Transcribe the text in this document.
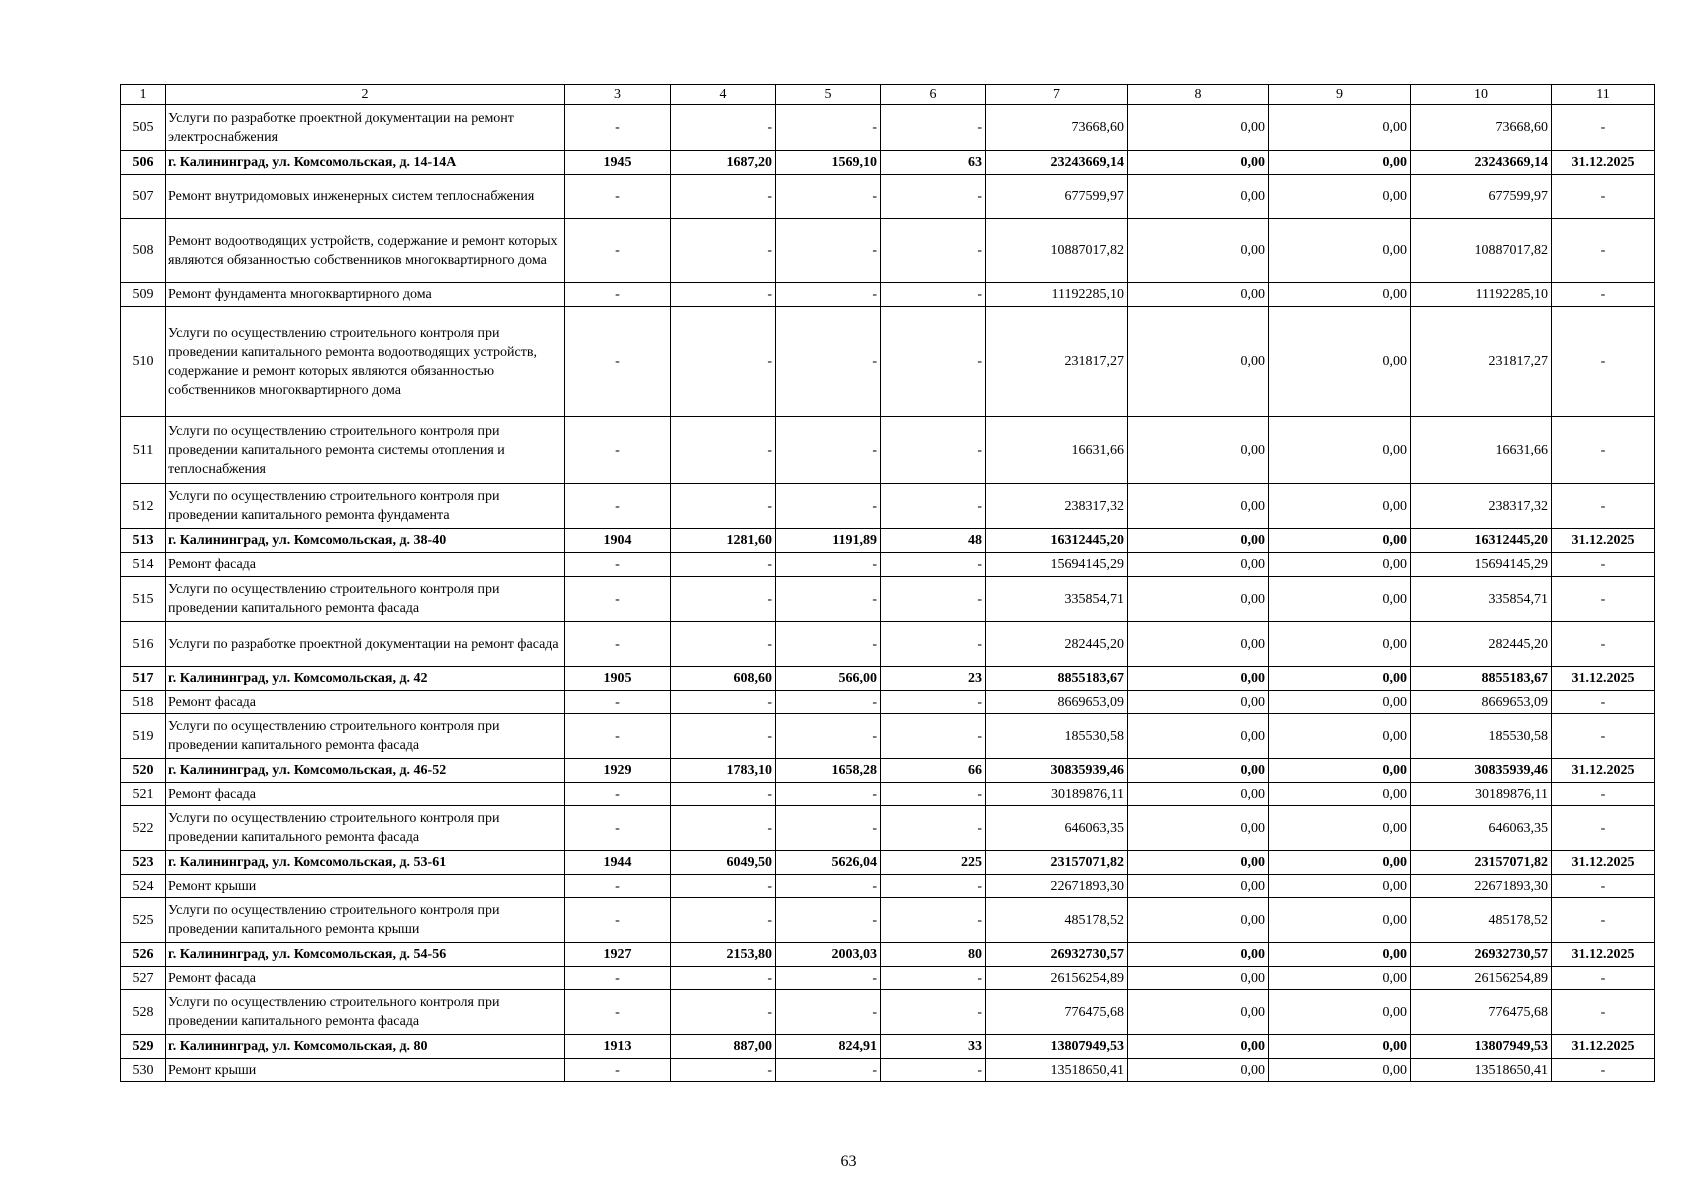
1	2	3	4	5	6	7	8	9	10	11
505	Услуги по разработке проектной документации на ремонт электроснабжения	-	-	-	-	73668,60	0,00	0,00	73668,60	-
506	г. Калининград, ул. Комсомольская, д. 14-14А	1945	1687,20	1569,10	63	23243669,14	0,00	0,00	23243669,14	31.12.2025
507	Ремонт внутридомовых инженерных систем теплоснабжения	-	-	-	-	677599,97	0,00	0,00	677599,97	-
508	Ремонт водоотводящих устройств, содержание и ремонт которых являются обязанностью собственников многоквартирного дома	-	-	-	-	10887017,82	0,00	0,00	10887017,82	-
509	Ремонт фундамента многоквартирного дома	-	-	-	-	11192285,10	0,00	0,00	11192285,10	-
510	Услуги по осуществлению строительного контроля при проведении капитального ремонта водоотводящих устройств, содержание и ремонт которых являются обязанностью собственников многоквартирного дома	-	-	-	-	231817,27	0,00	0,00	231817,27	-
511	Услуги по осуществлению строительного контроля при проведении капитального ремонта системы отопления и теплоснабжения	-	-	-	-	16631,66	0,00	0,00	16631,66	-
512	Услуги по осуществлению строительного контроля при проведении капитального ремонта фундамента	-	-	-	-	238317,32	0,00	0,00	238317,32	-
513	г. Калининград, ул. Комсомольская, д. 38-40	1904	1281,60	1191,89	48	16312445,20	0,00	0,00	16312445,20	31.12.2025
514	Ремонт фасада	-	-	-	-	15694145,29	0,00	0,00	15694145,29	-
515	Услуги по осуществлению строительного контроля при проведении капитального ремонта фасада	-	-	-	-	335854,71	0,00	0,00	335854,71	-
516	Услуги по разработке проектной документации на ремонт фасада	-	-	-	-	282445,20	0,00	0,00	282445,20	-
517	г. Калининград, ул. Комсомольская, д. 42	1905	608,60	566,00	23	8855183,67	0,00	0,00	8855183,67	31.12.2025
518	Ремонт фасада	-	-	-	-	8669653,09	0,00	0,00	8669653,09	-
519	Услуги по осуществлению строительного контроля при проведении капитального ремонта фасада	-	-	-	-	185530,58	0,00	0,00	185530,58	-
520	г. Калининград, ул. Комсомольская, д. 46-52	1929	1783,10	1658,28	66	30835939,46	0,00	0,00	30835939,46	31.12.2025
521	Ремонт фасада	-	-	-	-	30189876,11	0,00	0,00	30189876,11	-
522	Услуги по осуществлению строительного контроля при проведении капитального ремонта фасада	-	-	-	-	646063,35	0,00	0,00	646063,35	-
523	г. Калининград, ул. Комсомольская, д. 53-61	1944	6049,50	5626,04	225	23157071,82	0,00	0,00	23157071,82	31.12.2025
524	Ремонт крыши	-	-	-	-	22671893,30	0,00	0,00	22671893,30	-
525	Услуги по осуществлению строительного контроля при проведении капитального ремонта крыши	-	-	-	-	485178,52	0,00	0,00	485178,52	-
526	г. Калининград, ул. Комсомольская, д. 54-56	1927	2153,80	2003,03	80	26932730,57	0,00	0,00	26932730,57	31.12.2025
527	Ремонт фасада	-	-	-	-	26156254,89	0,00	0,00	26156254,89	-
528	Услуги по осуществлению строительного контроля при проведении капитального ремонта фасада	-	-	-	-	776475,68	0,00	0,00	776475,68	-
529	г. Калининград, ул. Комсомольская, д. 80	1913	887,00	824,91	33	13807949,53	0,00	0,00	13807949,53	31.12.2025
530	Ремонт крыши	-	-	-	-	13518650,41	0,00	0,00	13518650,41	-
63
